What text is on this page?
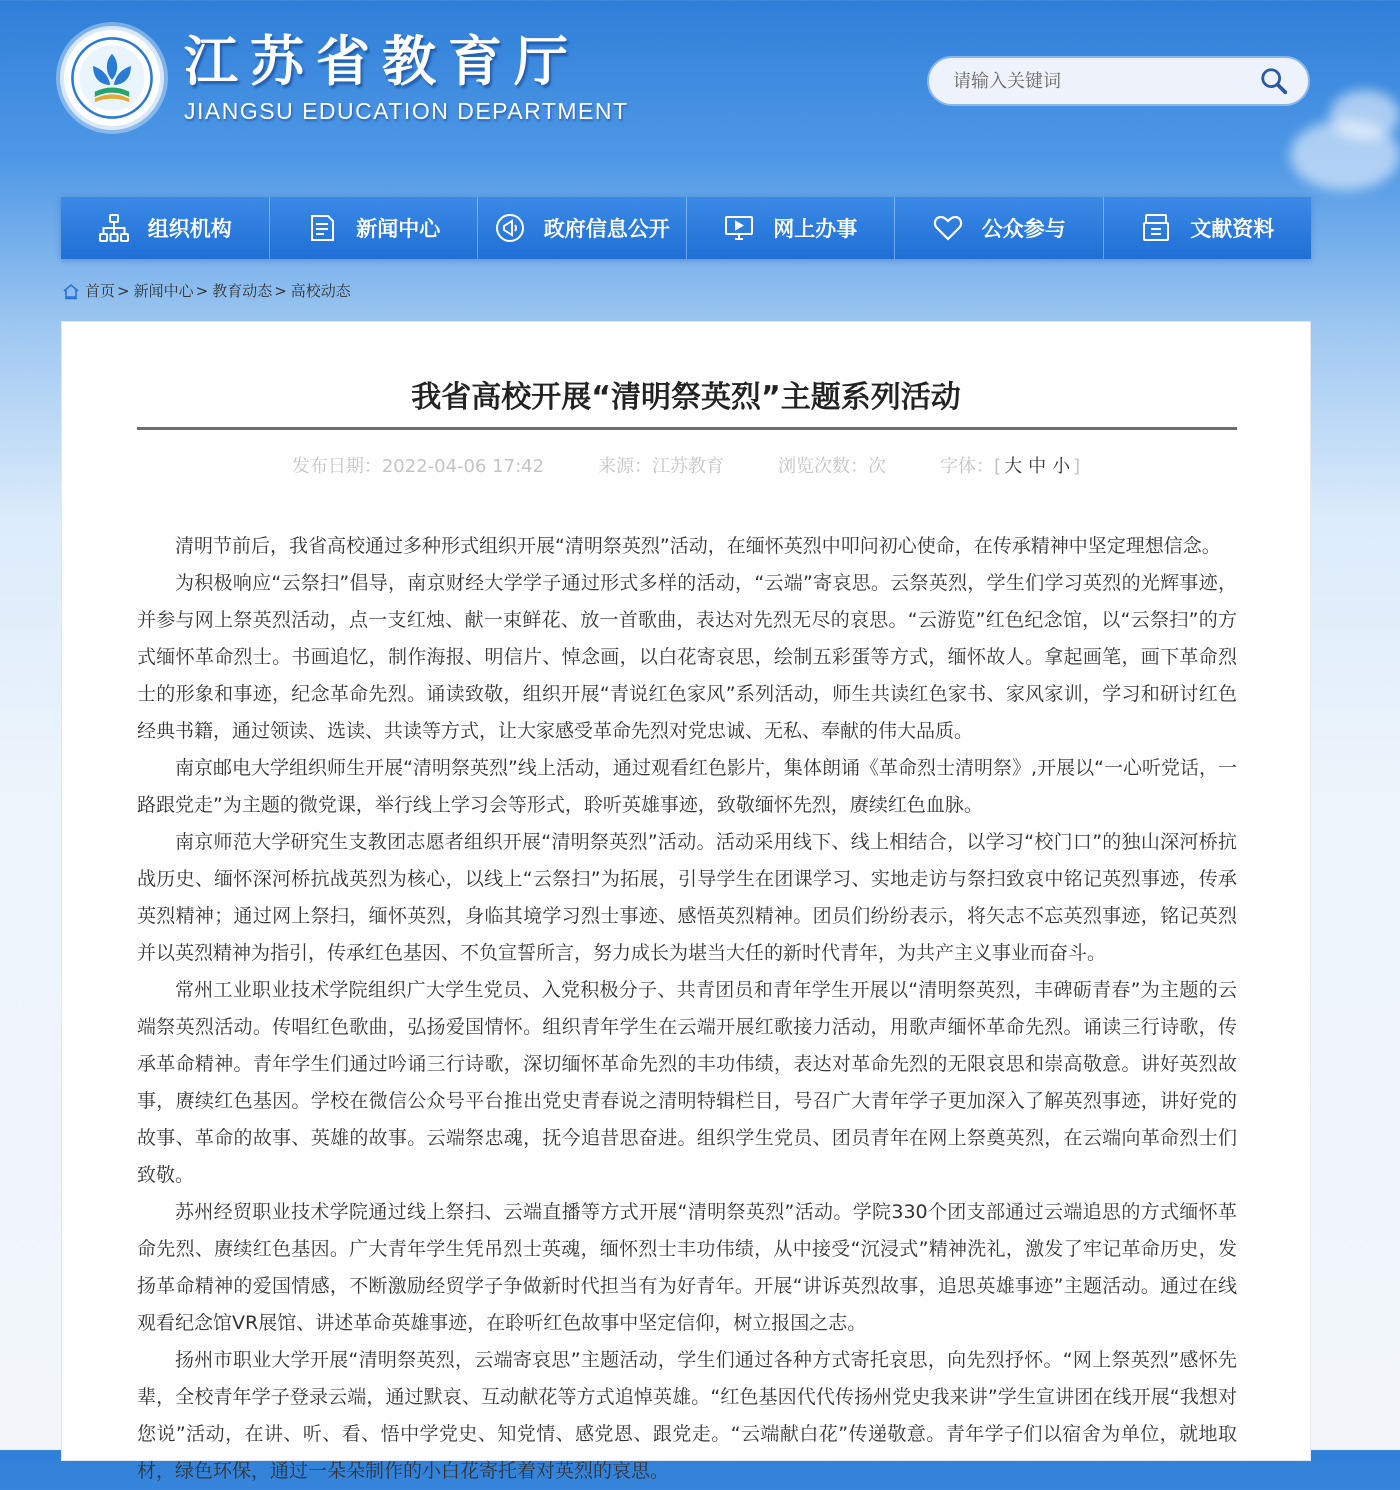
江苏省教育厅
JIANGSU EDUCATION DEPARTMENT
请输入关键词
组织机构	新闻中心	政府信息公开	网上办事	公众参与	文献资料
首页 > 新闻中心 > 教育动态 > 高校动态
我省高校开展“清明祭英烈”主题系列活动
发布日期：2022-04-06 17:42	来源：江苏教育	浏览次数：次	字体：[ 大 中 小 ]

清明节前后，我省高校通过多种形式组织开展“清明祭英烈”活动，在缅怀英烈中叩问初心使命，在传承精神中坚定理想信念。

为积极响应“云祭扫”倡导，南京财经大学学子通过形式多样的活动，“云端”寄哀思。云祭英烈，学生们学习英烈的光辉事迹，并参与网上祭英烈活动，点一支红烛、献一束鲜花、放一首歌曲，表达对先烈无尽的哀思。“云游览”红色纪念馆，以“云祭扫”的方式缅怀革命烈士。书画追忆，制作海报、明信片、悼念画，以白花寄哀思，绘制五彩蛋等方式，缅怀故人。拿起画笔，画下革命烈士的形象和事迹，纪念革命先烈。诵读致敬，组织开展“青说红色家风”系列活动，师生共读红色家书、家风家训，学习和研讨红色经典书籍，通过领读、选读、共读等方式，让大家感受革命先烈对党忠诚、无私、奉献的伟大品质。

南京邮电大学组织师生开展“清明祭英烈”线上活动，通过观看红色影片，集体朗诵《革命烈士清明祭》,开展以“一心听党话，一路跟党走”为主题的微党课，举行线上学习会等形式，聆听英雄事迹，致敬缅怀先烈，赓续红色血脉。

南京师范大学研究生支教团志愿者组织开展“清明祭英烈”活动。活动采用线下、线上相结合，以学习“校门口”的独山深河桥抗战历史、缅怀深河桥抗战英烈为核心，以线上“云祭扫”为拓展，引导学生在团课学习、实地走访与祭扫致哀中铭记英烈事迹，传承英烈精神；通过网上祭扫，缅怀英烈，身临其境学习烈士事迹、感悟英烈精神。团员们纷纷表示，将矢志不忘英烈事迹，铭记英烈并以英烈精神为指引，传承红色基因、不负宣誓所言，努力成长为堪当大任的新时代青年，为共产主义事业而奋斗。

常州工业职业技术学院组织广大学生党员、入党积极分子、共青团员和青年学生开展以“清明祭英烈，丰碑砺青春”为主题的云端祭英烈活动。传唱红色歌曲，弘扬爱国情怀。组织青年学生在云端开展红歌接力活动，用歌声缅怀革命先烈。诵读三行诗歌，传承革命精神。青年学生们通过吟诵三行诗歌，深切缅怀革命先烈的丰功伟绩，表达对革命先烈的无限哀思和崇高敬意。讲好英烈故事，赓续红色基因。学校在微信公众号平台推出党史青春说之清明特辑栏目，号召广大青年学子更加深入了解英烈事迹，讲好党的故事、革命的故事、英雄的故事。云端祭忠魂，抚今追昔思奋进。组织学生党员、团员青年在网上祭奠英烈，在云端向革命烈士们致敬。

苏州经贸职业技术学院通过线上祭扫、云端直播等方式开展“清明祭英烈”活动。学院330个团支部通过云端追思的方式缅怀革命先烈、赓续红色基因。广大青年学生凭吊烈士英魂，缅怀烈士丰功伟绩，从中接受“沉浸式”精神洗礼，激发了牢记革命历史，发扬革命精神的爱国情感，不断激励经贸学子争做新时代担当有为好青年。开展“讲诉英烈故事，追思英雄事迹”主题活动。通过在线观看纪念馆VR展馆、讲述革命英雄事迹，在聆听红色故事中坚定信仰，树立报国之志。

扬州市职业大学开展“清明祭英烈，云端寄哀思”主题活动，学生们通过各种方式寄托哀思，向先烈抒怀。“网上祭英烈”感怀先辈，全校青年学子登录云端，通过默哀、互动献花等方式追悼英雄。“红色基因代代传扬州党史我来讲”学生宣讲团在线开展“我想对您说”活动，在讲、听、看、悟中学党史、知党情、感党恩、跟党走。“云端献白花”传递敬意。青年学子们以宿舍为单位，就地取材，绿色环保，通过一朵朵制作的小白花寄托着对英烈的哀思。
